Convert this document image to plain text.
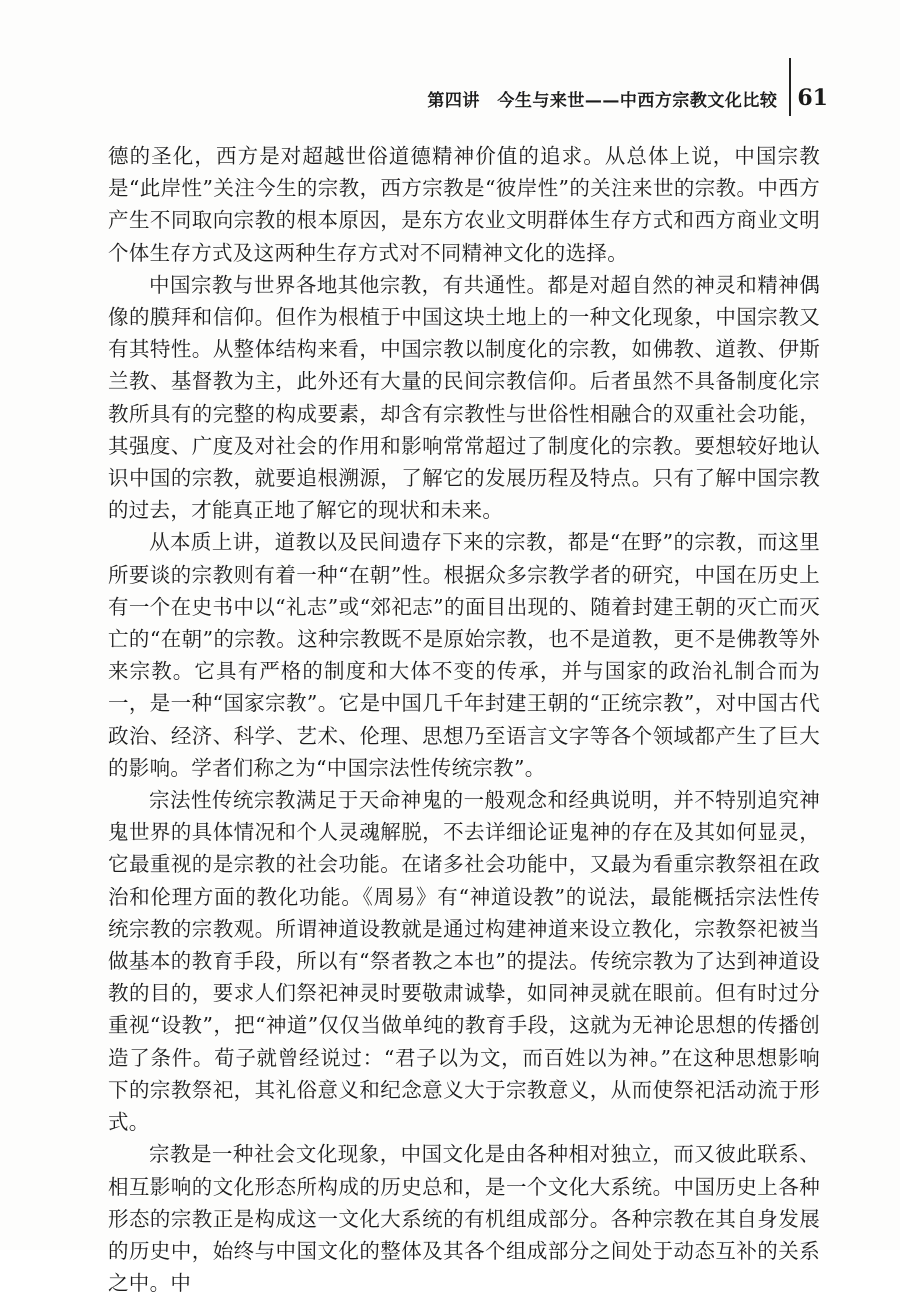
第四讲　今生与来世——中西方宗教文化比较 61

德的圣化，西方是对超越世俗道德精神价值的追求。从总体上说，中国宗教是“此岸性”关注今生的宗教，西方宗教是“彼岸性”的关注来世的宗教。中西方产生不同取向宗教的根本原因，是东方农业文明群体生存方式和西方商业文明个体生存方式及这两种生存方式对不同精神文化的选择。

中国宗教与世界各地其他宗教，有共通性。都是对超自然的神灵和精神偶像的膜拜和信仰。但作为根植于中国这块土地上的一种文化现象，中国宗教又有其特性。从整体结构来看，中国宗教以制度化的宗教，如佛教、道教、伊斯兰教、基督教为主，此外还有大量的民间宗教信仰。后者虽然不具备制度化宗教所具有的完整的构成要素，却含有宗教性与世俗性相融合的双重社会功能，其强度、广度及对社会的作用和影响常常超过了制度化的宗教。要想较好地认识中国的宗教，就要追根溯源，了解它的发展历程及特点。只有了解中国宗教的过去，才能真正地了解它的现状和未来。

从本质上讲，道教以及民间遗存下来的宗教，都是“在野”的宗教，而这里所要谈的宗教则有着一种“在朝”性。根据众多宗教学者的研究，中国在历史上有一个在史书中以“礼志”或“郊祀志”的面目出现的、随着封建王朝的灭亡而灭亡的“在朝”的宗教。这种宗教既不是原始宗教，也不是道教，更不是佛教等外来宗教。它具有严格的制度和大体不变的传承，并与国家的政治礼制合而为一，是一种“国家宗教”。它是中国几千年封建王朝的“正统宗教”，对中国古代政治、经济、科学、艺术、伦理、思想乃至语言文字等各个领域都产生了巨大的影响。学者们称之为“中国宗法性传统宗教”。

宗法性传统宗教满足于天命神鬼的一般观念和经典说明，并不特别追究神鬼世界的具体情况和个人灵魂解脱，不去详细论证鬼神的存在及其如何显灵，它最重视的是宗教的社会功能。在诸多社会功能中，又最为看重宗教祭祖在政治和伦理方面的教化功能。《周易》有“神道设教”的说法，最能概括宗法性传统宗教的宗教观。所谓神道设教就是通过构建神道来设立教化，宗教祭祀被当做基本的教育手段，所以有“祭者教之本也”的提法。传统宗教为了达到神道设教的目的，要求人们祭祀神灵时要敬肃诚挚，如同神灵就在眼前。但有时过分重视“设教”，把“神道”仅仅当做单纯的教育手段，这就为无神论思想的传播创造了条件。荀子就曾经说过：“君子以为文，而百姓以为神。”在这种思想影响下的宗教祭祀，其礼俗意义和纪念意义大于宗教意义，从而使祭祀活动流于形式。

宗教是一种社会文化现象，中国文化是由各种相对独立，而又彼此联系、相互影响的文化形态所构成的历史总和，是一个文化大系统。中国历史上各种形态的宗教正是构成这一文化大系统的有机组成部分。各种宗教在其自身发展的历史中，始终与中国文化的整体及其各个组成部分之间处于动态互补的关系之中。中
